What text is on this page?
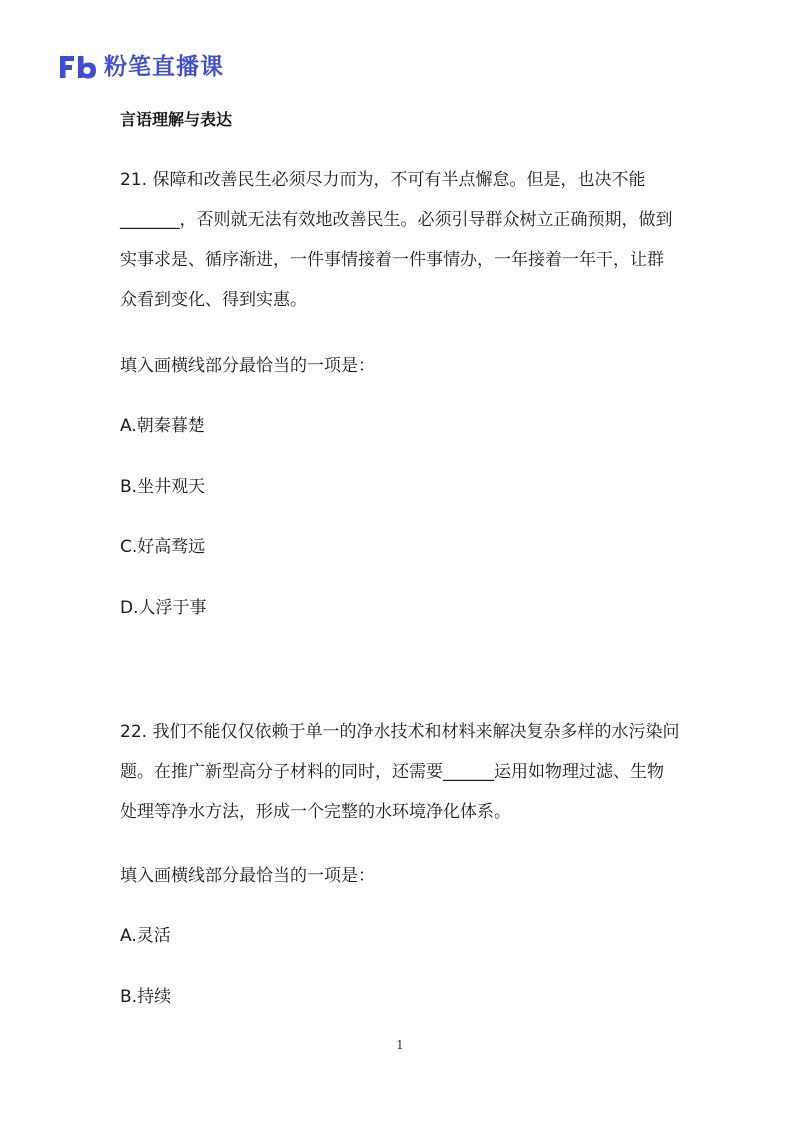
粉笔直播课
言语理解与表达
21. 保障和改善民生必须尽力而为，不可有半点懈怠。但是，也决不能_______，否则就无法有效地改善民生。必须引导群众树立正确预期，做到实事求是、循序渐进，一件事情接着一件事情办，一年接着一年干，让群众看到变化、得到实惠。
填入画横线部分最恰当的一项是：
A.朝秦暮楚
B.坐井观天
C.好高骛远
D.人浮于事
22. 我们不能仅仅依赖于单一的净水技术和材料来解决复杂多样的水污染问题。在推广新型高分子材料的同时，还需要______运用如物理过滤、生物处理等净水方法，形成一个完整的水环境净化体系。
填入画横线部分最恰当的一项是：
A.灵活
B.持续
1
